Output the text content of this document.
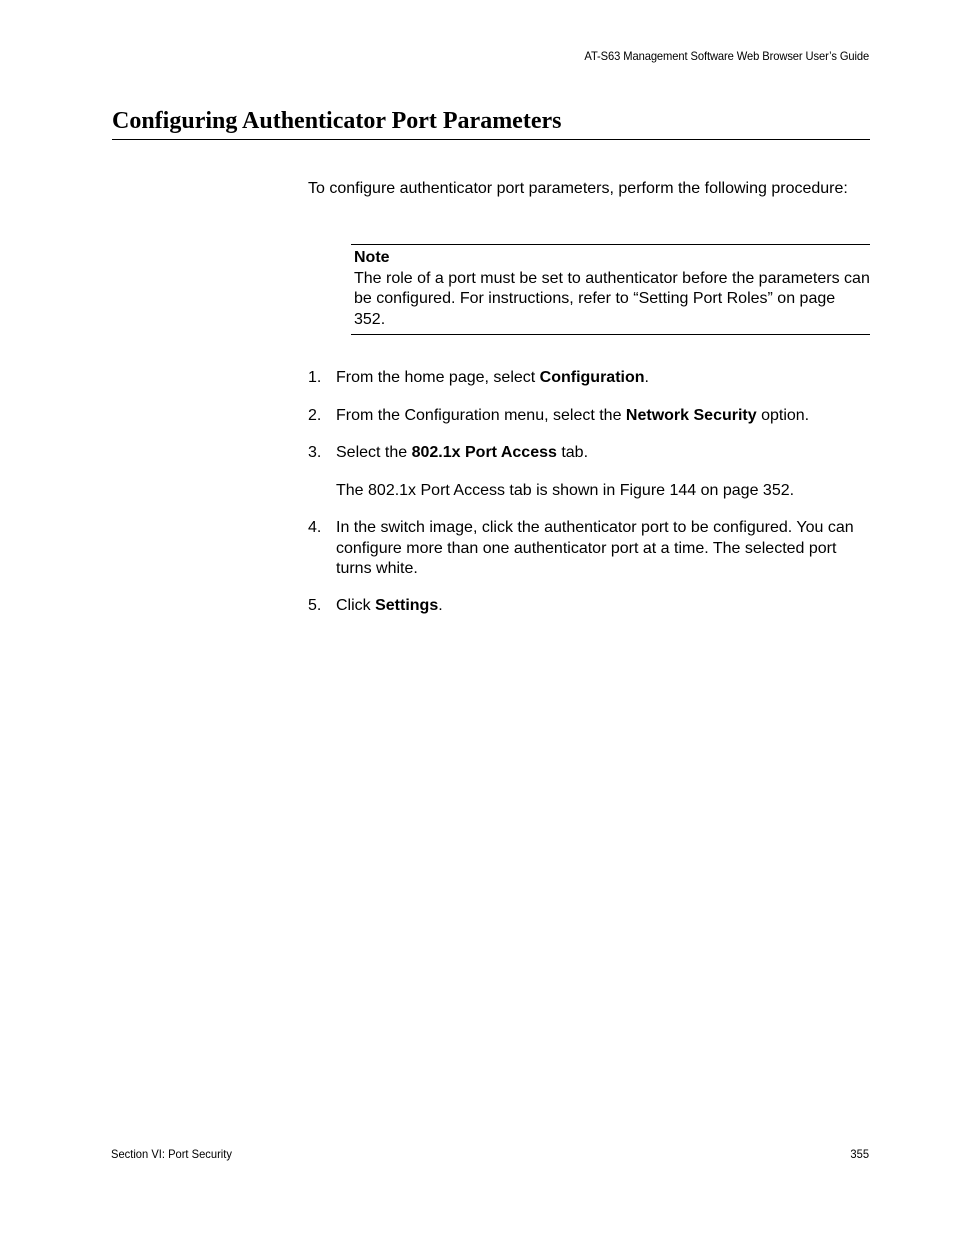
AT-S63 Management Software Web Browser User’s Guide
Configuring Authenticator Port Parameters
To configure authenticator port parameters, perform the following procedure:
Note
The role of a port must be set to authenticator before the parameters can be configured. For instructions, refer to “Setting Port Roles” on page 352.
1. From the home page, select Configuration.
2. From the Configuration menu, select the Network Security option.
3. Select the 802.1x Port Access tab.
The 802.1x Port Access tab is shown in Figure 144 on page 352.
4. In the switch image, click the authenticator port to be configured. You can configure more than one authenticator port at a time. The selected port turns white.
5. Click Settings.
Section VI: Port Security	355
